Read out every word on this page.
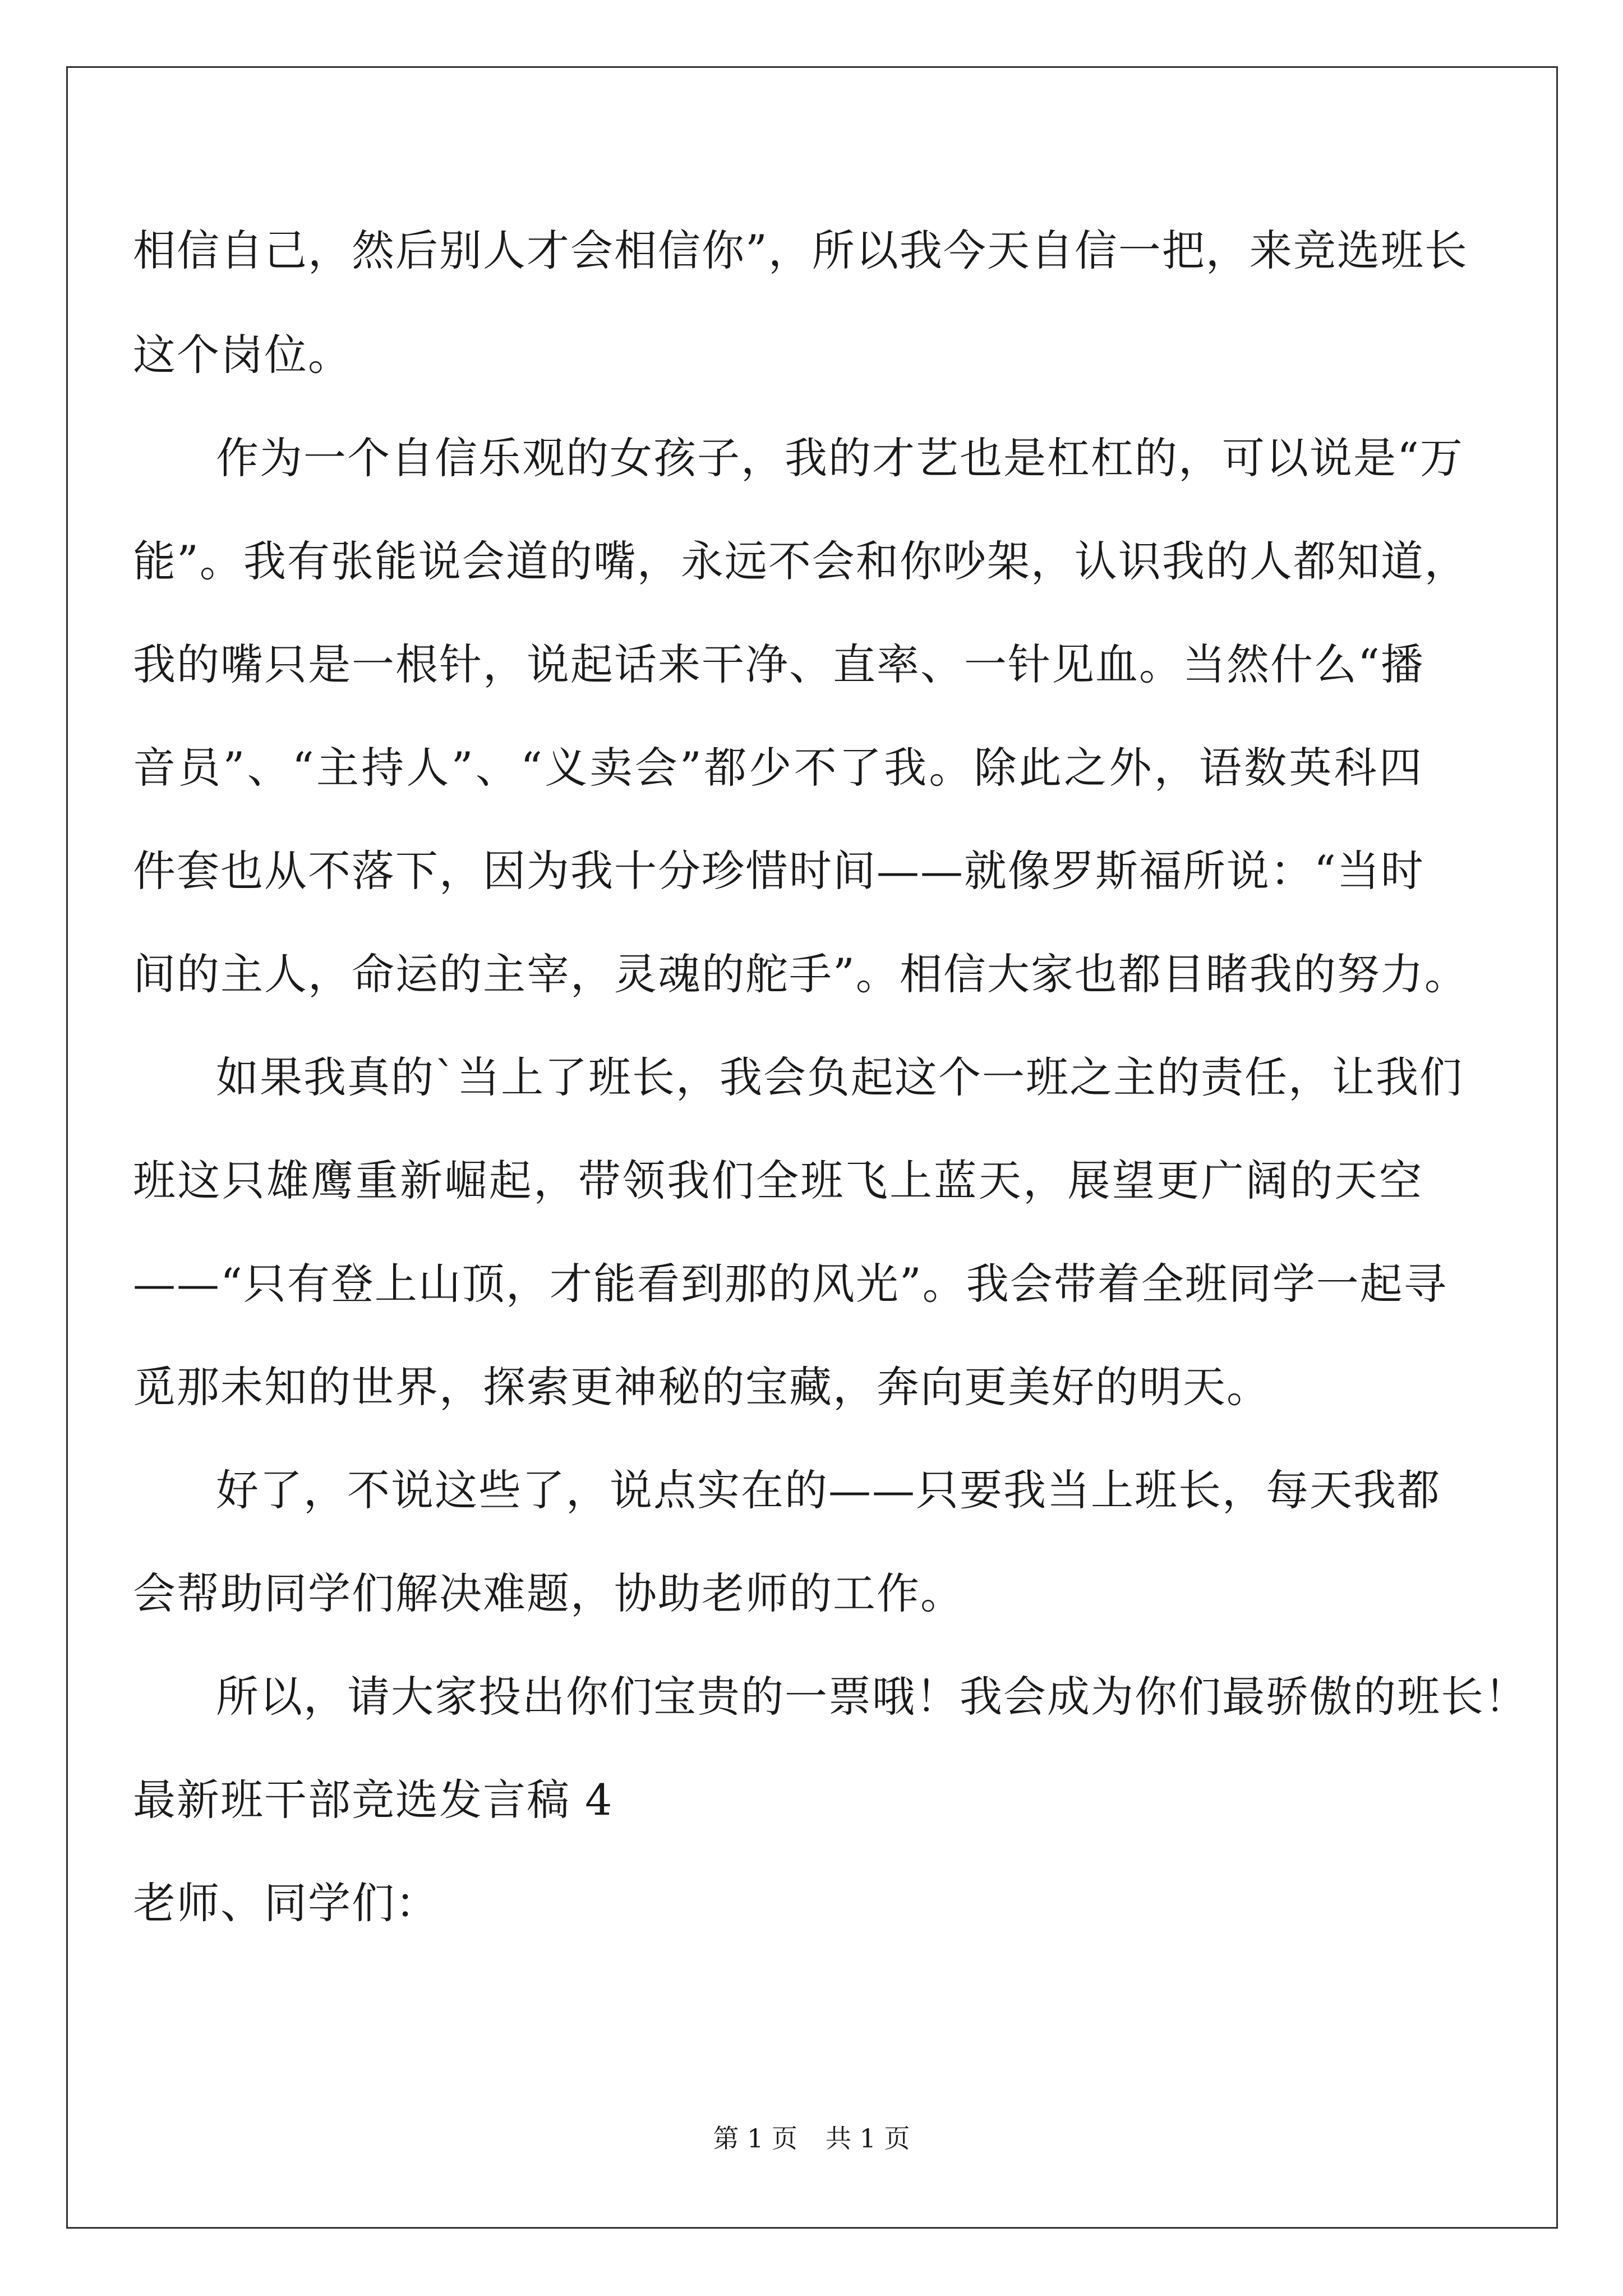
相信自己，然后别人才会相信你”，所以我今天自信一把，来竞选班长
这个岗位。
作为一个自信乐观的女孩子，我的才艺也是杠杠的，可以说是“万
能”。我有张能说会道的嘴，永远不会和你吵架，认识我的人都知道，
我的嘴只是一根针，说起话来干净、直率、一针见血。当然什么“播
音员”、“主持人”、“义卖会”都少不了我。除此之外，语数英科四
件套也从不落下，因为我十分珍惜时间——就像罗斯福所说：“当时
间的主人，命运的主宰，灵魂的舵手”。相信大家也都目睹我的努力。
如果我真的`当上了班长，我会负起这个一班之主的责任，让我们
班这只雄鹰重新崛起，带领我们全班飞上蓝天，展望更广阔的天空
——“只有登上山顶，才能看到那的风光”。我会带着全班同学一起寻
觅那未知的世界，探索更神秘的宝藏，奔向更美好的明天。
好了，不说这些了，说点实在的——只要我当上班长，每天我都
会帮助同学们解决难题，协助老师的工作。
所以，请大家投出你们宝贵的一票哦！我会成为你们最骄傲的班长！
最新班干部竞选发言稿 4
老师、同学们：
第 1 页 共 1 页
